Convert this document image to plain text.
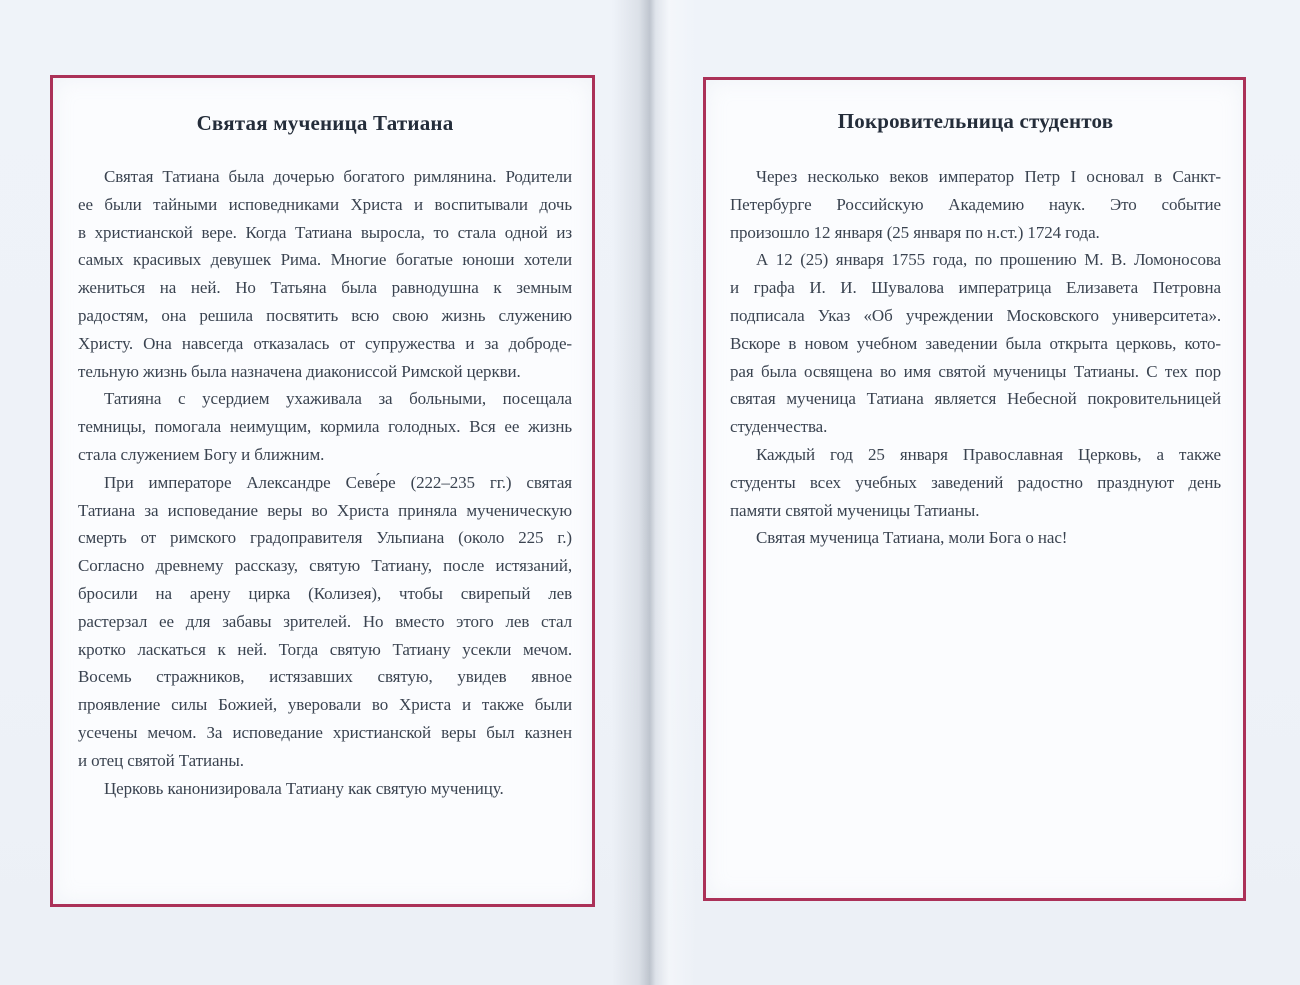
Святая мученица Татиана
Святая Татиана была дочерью богатого римлянина. Родители
ее были тайными исповедниками Христа и воспитывали дочь
в христианской вере. Когда Татиана выросла, то стала одной из
самых красивых девушек Рима. Многие богатые юноши хотели
жениться на ней. Но Татьяна была равнодушна к земным
радостям, она решила посвятить всю свою жизнь служению
Христу. Она навсегда отказалась от супружества и за доброде-
тельную жизнь была назначена диакониссой Римской церкви.
Татияна с усердием ухаживала за больными, посещала
темницы, помогала неимущим, кормила голодных. Вся ее жизнь
стала служением Богу и ближним.
При императоре Александре Севе́ре (222–235 гг.) святая
Татиана за исповедание веры во Христа приняла мученическую
смерть от римского градоправителя Ульпиана (около 225 г.)
Согласно древнему рассказу, святую Татиану, после истязаний,
бросили на арену цирка (Колизея), чтобы свирепый лев
растерзал ее для забавы зрителей. Но вместо этого лев стал
кротко ласкаться к ней. Тогда святую Татиану усекли мечом.
Восемь стражников, истязавших святую, увидев явное
проявление силы Божией, уверовали во Христа и также были
усечены мечом. За исповедание христианской веры был казнен
и отец святой Татианы.
Церковь канонизировала Татиану как святую мученицу.
Покровительница студентов
Через несколько веков император Петр I основал в Санкт-
Петербурге Российскую Академию наук. Это событие
произошло 12 января (25 января по н.ст.) 1724 года.
А 12 (25) января 1755 года, по прошению М. В. Ломоносова
и графа И. И. Шувалова императрица Елизавета Петровна
подписала Указ «Об учреждении Московского университета».
Вскоре в новом учебном заведении была открыта церковь, кото-
рая была освящена во имя святой мученицы Татианы. С тех пор
святая мученица Татиана является Небесной покровительницей
студенчества.
Каждый год 25 января Православная Церковь, а также
студенты всех учебных заведений радостно празднуют день
памяти святой мученицы Татианы.
Святая мученица Татиана, моли Бога о нас!
